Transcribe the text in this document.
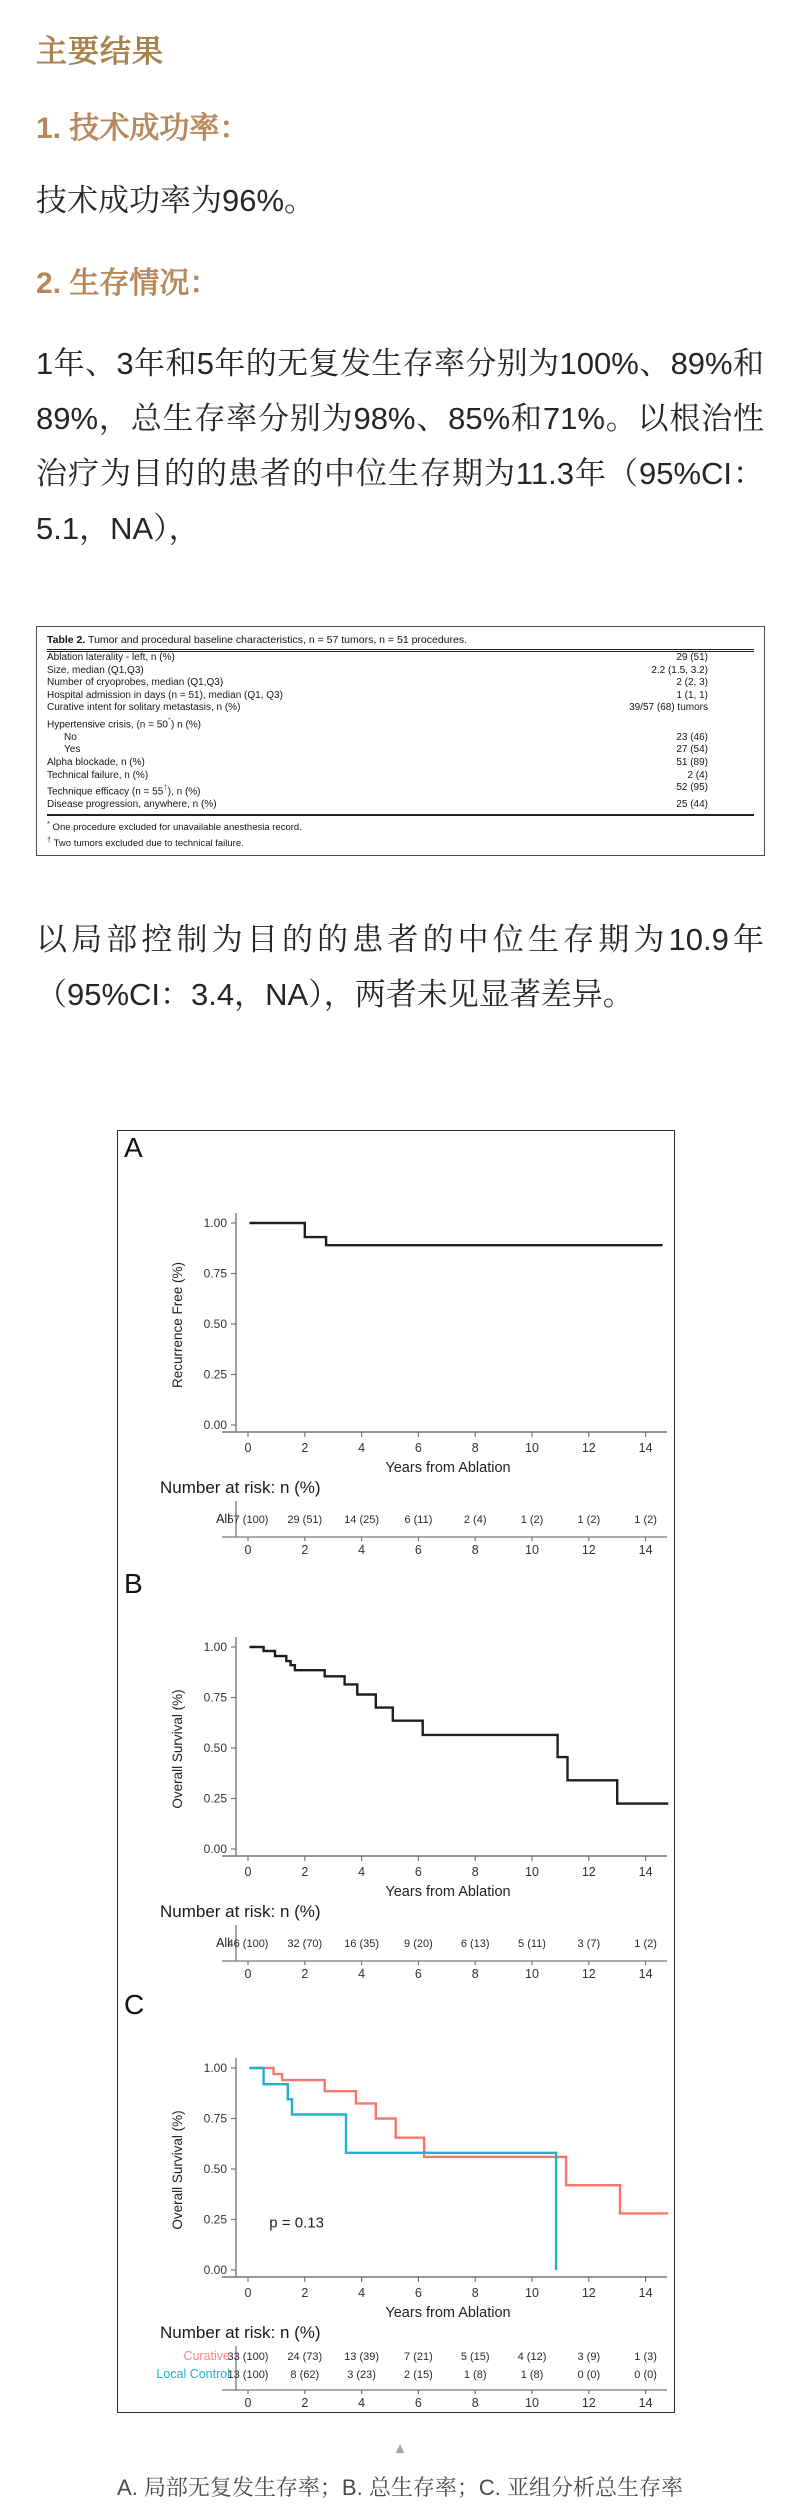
主要结果
1. 技术成功率：

技术成功率为96%。

2. 生存情况：

1年、3年和5年的无复发生存率分别为100%、89%和89%，总生存率分别为98%、85%和71%。以根治性治疗为目的的患者的中位生存期为11.3年（95%CI：5.1，NA），

Table 2. Tumor and procedural baseline characteristics, n = 57 tumors, n = 51 procedures.
Ablation laterality - left, n (%)	29 (51)
Size, median (Q1,Q3)	2.2 (1.5, 3.2)
Number of cryoprobes, median (Q1,Q3)	2 (2, 3)
Hospital admission in days (n = 51), median (Q1, Q3)	1 (1, 1)
Curative intent for solitary metastasis, n (%)	39/57 (68) tumors
Hypertensive crisis, (n = 50*) n (%)	
No	23 (46)
Yes	27 (54)
Alpha blockade, n (%)	51 (89)
Technical failure, n (%)	2 (4)
Technique efficacy (n = 55†), n (%)	52 (95)
Disease progression, anywhere, n (%)	25 (44)
* One procedure excluded for unavailable anesthesia record.
† Two tumors excluded due to technical failure.

以局部控制为目的的患者的中位生存期为10.9年（95%CI：3.4，NA），两者未见显著差异。

A
1.00
0.75
0.50
0.25
0.00
0	2	4	6	8	10	12	14
Years from Ablation
Recurrence Free (%)
Number at risk: n (%)
All
57 (100) 29 (51) 14 (25) 6 (11)	2 (4)	1 (2)	1 (2)	1 (2)
0	2	4	6	8	10	12	14
B
1.00
0.75
0.50
0.25
0.00
0	2	4	6	8	10	12	14
Years from Ablation
Overall Survival (%)
Number at risk: n (%)
All
46 (100) 32 (70) 16 (35) 9 (20)	6 (13)	5 (11)	3 (7)	1 (2)
0	2	4	6	8	10	12	14
C
1.00
0.75
0.50
0.25
0.00
0	2	4	6	8	10	12	14
Years from Ablation
Overall Survival (%)	p = 0.13
Number at risk: n (%)
Curative
33 (100) 24 (73) 13 (39) 7 (21)	5 (15)	4 (12)	3 (9)	1 (3)
Local Control
13 (100) 8 (62)	3 (23)	2 (15)	1 (8)	1 (8)	0 (0)	0 (0)
0	2	4	6	8	10	12	14
▲
A. 局部无复发生存率；B. 总生存率；C. 亚组分析总生存率
